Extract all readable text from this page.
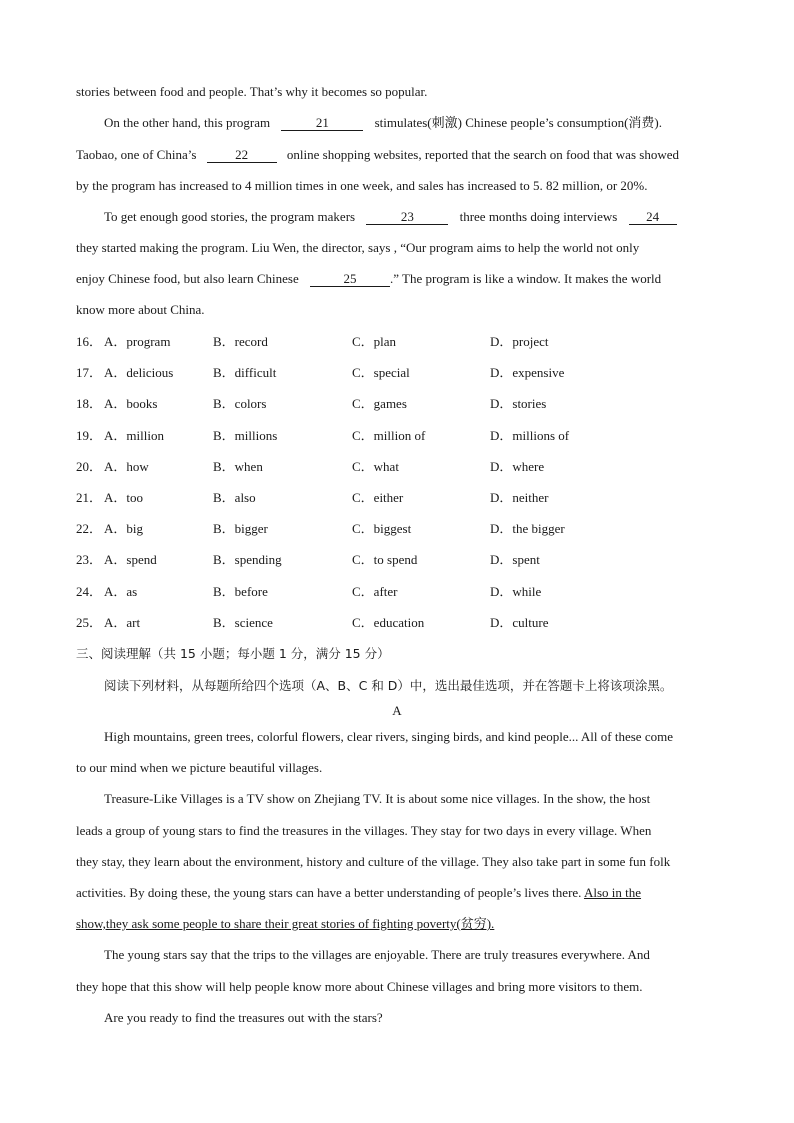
stories between food and people. That’s why it becomes so popular.
On the other hand, this program	21	stimulates(刺激) Chinese people’s consumption(消费).
Taobao, one of China’s	22	online shopping websites, reported that the search on food that was showed
by the program has increased to 4 million times in one week, and sales has increased to 5. 82 million, or 20%.
To get enough good stories, the program makers	23	three months doing interviews 24
they started making the program. Liu Wen, the director, says , “Our program aims to help the world not only
enjoy Chinese food, but also learn Chinese	25	.” The program is like a window. It makes the world
know more about China.
16． A．program	B．record	C．plan	D．project
17． A．delicious	B．difficult	C．special	D．expensive
18． A．books	B．colors	C．games	D．stories
19． A．million	B．millions	C．million of	D．millions of
20． A．how	B．when	C．what	D．where
21． A．too	B．also	C．either	D．neither
22． A．big	B．bigger	C．biggest	D．the bigger
23． A．spend	B．spending	C．to spend	D．spent
24． A．as	B．before	C．after	D．while
25． A．art	B．science	C．education	D．culture
三、阅读理解（共 15 小题；每小题 1 分，满分 15 分）
阅读下列材料，从每题所给四个选项（A、B、C 和 D）中，选出最佳选项，并在答题卡上将该项涂黑。
A
High mountains, green trees, colorful flowers, clear rivers, singing birds, and kind people... All of these come
to our mind when we picture beautiful villages.
Treasure-Like Villages is a TV show on Zhejiang TV. It is about some nice villages. In the show, the host
leads a group of young stars to find the treasures in the villages. They stay for two days in every village. When
they stay, they learn about the environment, history and culture of the village. They also take part in some fun folk
activities. By doing these, the young stars can have a better understanding of people’s lives there. Also in the
show,they ask some people to share their great stories of fighting poverty(贫穷).
The young stars say that the trips to the villages are enjoyable. There are truly treasures everywhere. And
they hope that this show will help people know more about Chinese villages and bring more visitors to them.
Are you ready to find the treasures out with the stars?
